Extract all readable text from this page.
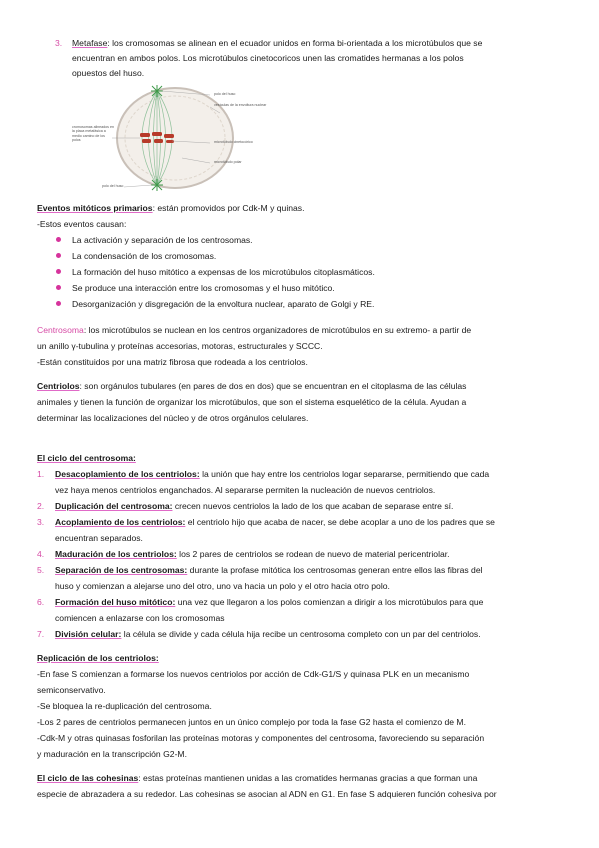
3.	Metafase: los cromosomas se alinean en el ecuador unidos en forma bi-orientada a los microtúbulos que se
encuentran en ambos polos. Los microtúbulos cinetocoricos unen las cromatides hermanas a los polos
opuestos del huso.
polo del huso
vesículas de la envoltura nuclear
cromosomas alineados en la placa metafásica a medio camino de los polos
microtúbulo cinetocórico
microtúbulo polar
polo del huso
Eventos mitóticos primarios: están promovidos por Cdk-M y quinas.
-Estos eventos causan:
La activación y separación de los centrosomas.
La condensación de los cromosomas.
La formación del huso mitótico a expensas de los microtúbulos citoplasmáticos.
Se produce una interacción entre los cromosomas y el huso mitótico.
Desorganización y disgregación de la envoltura nuclear, aparato de Golgi y RE.
Centrosoma: los microtúbulos se nuclean en los centros organizadores de microtúbulos en su extremo- a partir de
un anillo γ-tubulina y proteínas accesorias, motoras, estructurales y SCCC.
-Están constituidos por una matriz fibrosa que rodeada a los centriolos.
Centriolos: son orgánulos tubulares (en pares de dos en dos) que se encuentran en el citoplasma de las células
animales y tienen la función de organizar los microtúbulos, que son el sistema esquelético de la célula. Ayudan a
determinar las localizaciones del núcleo y de otros orgánulos celulares.
El ciclo del centrosoma:
1.	Desacoplamiento de los centriolos: la unión que hay entre los centriolos logar separarse, permitiendo que cada
vez haya menos centriolos enganchados. Al separarse permiten la nucleación de nuevos centriolos.
2.	Duplicación del centrosoma: crecen nuevos centriolos la lado de los que acaban de separase entre sí.
3.	Acoplamiento de los centriolos: el centriolo hijo que acaba de nacer, se debe acoplar a uno de los padres que se
encuentran separados.
4.	Maduración de los centriolos: los 2 pares de centriolos se rodean de nuevo de material pericentriolar.
5.	Separación de los centrosomas: durante la profase mitótica los centrosomas generan entre ellos las fibras del
huso y comienzan a alejarse uno del otro, uno va hacia un polo y el otro hacia otro polo.
6.	Formación del huso mitótico: una vez que llegaron a los polos comienzan a dirigir a los microtúbulos para que
comiencen a enlazarse con los cromosomas
7.	División celular: la célula se divide y cada célula hija recibe un centrosoma completo con un par del centriolos.
Replicación de los centriolos:
-En fase S comienzan a formarse los nuevos centriolos por acción de Cdk-G1/S y quinasa PLK en un mecanismo
semiconservativo.
-Se bloquea la re-duplicación del centrosoma.
-Los 2 pares de centriolos permanecen juntos en un único complejo por toda la fase G2 hasta el comienzo de M.
-Cdk-M y otras quinasas fosforilan las proteínas motoras y componentes del centrosoma, favoreciendo su separación
y maduración en la transcripción G2-M.
El ciclo de las cohesinas: estas proteínas mantienen unidas a las cromatides hermanas gracias a que forman una
especie de abrazadera a su rededor. Las cohesinas se asocian al ADN en G1. En fase S adquieren función cohesiva por
